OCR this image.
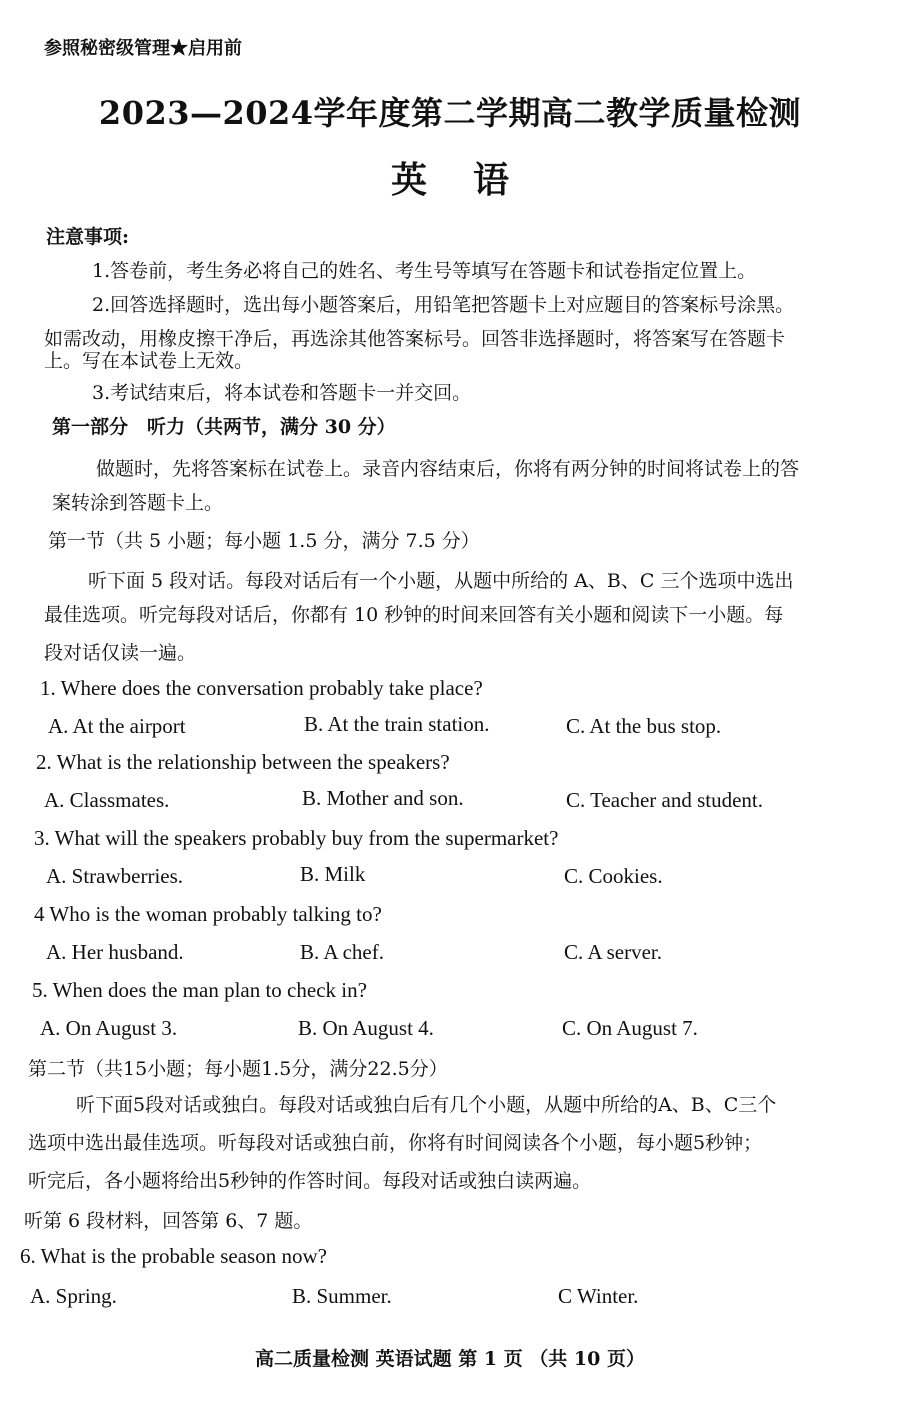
参照秘密级管理★启用前
2023—2024学年度第二学期高二教学质量检测
英语
注意事项:
1.答卷前，考生务必将自己的姓名、考生号等填写在答题卡和试卷指定位置上。
2.回答选择题时，选出每小题答案后，用铅笔把答题卡上对应题目的答案标号涂黑。
如需改动，用橡皮擦干净后，再选涂其他答案标号。回答非选择题时，将答案写在答题卡
上。写在本试卷上无效。
3.考试结束后，将本试卷和答题卡一并交回。
第一部分　听力（共两节，满分 30 分）
做题时，先将答案标在试卷上。录音内容结束后，你将有两分钟的时间将试卷上的答
案转涂到答题卡上。
第一节（共 5 小题；每小题 1.5 分，满分 7.5 分）
听下面 5 段对话。每段对话后有一个小题，从题中所给的 A、B、C 三个选项中选出
最佳选项。听完每段对话后，你都有 10 秒钟的时间来回答有关小题和阅读下一小题。每
段对话仅读一遍。
1. Where does the conversation probably take place?
A. At the airport	B. At the train station.	C. At the bus stop.
2. What is the relationship between the speakers?
A. Classmates.	B. Mother and son.	C. Teacher and student.
3. What will the speakers probably buy from the supermarket?
A. Strawberries.	B. Milk	C. Cookies.
4 Who is the woman probably talking to?
A. Her husband.	B. A chef.	C. A server.
5. When does the man plan to check in?
A. On August 3.	B. On August 4.	C. On August 7.
第二节（共15小题；每小题1.5分，满分22.5分）
听下面5段对话或独白。每段对话或独白后有几个小题，从题中所给的A、B、C三个
选项中选出最佳选项。听每段对话或独白前，你将有时间阅读各个小题，每小题5秒钟；
听完后，各小题将给出5秒钟的作答时间。每段对话或独白读两遍。
听第 6 段材料，回答第 6、7 题。
6. What is the probable season now?
A. Spring.	B. Summer.	C Winter.
高二质量检测 英语试题 第 1 页 （共 10 页）
